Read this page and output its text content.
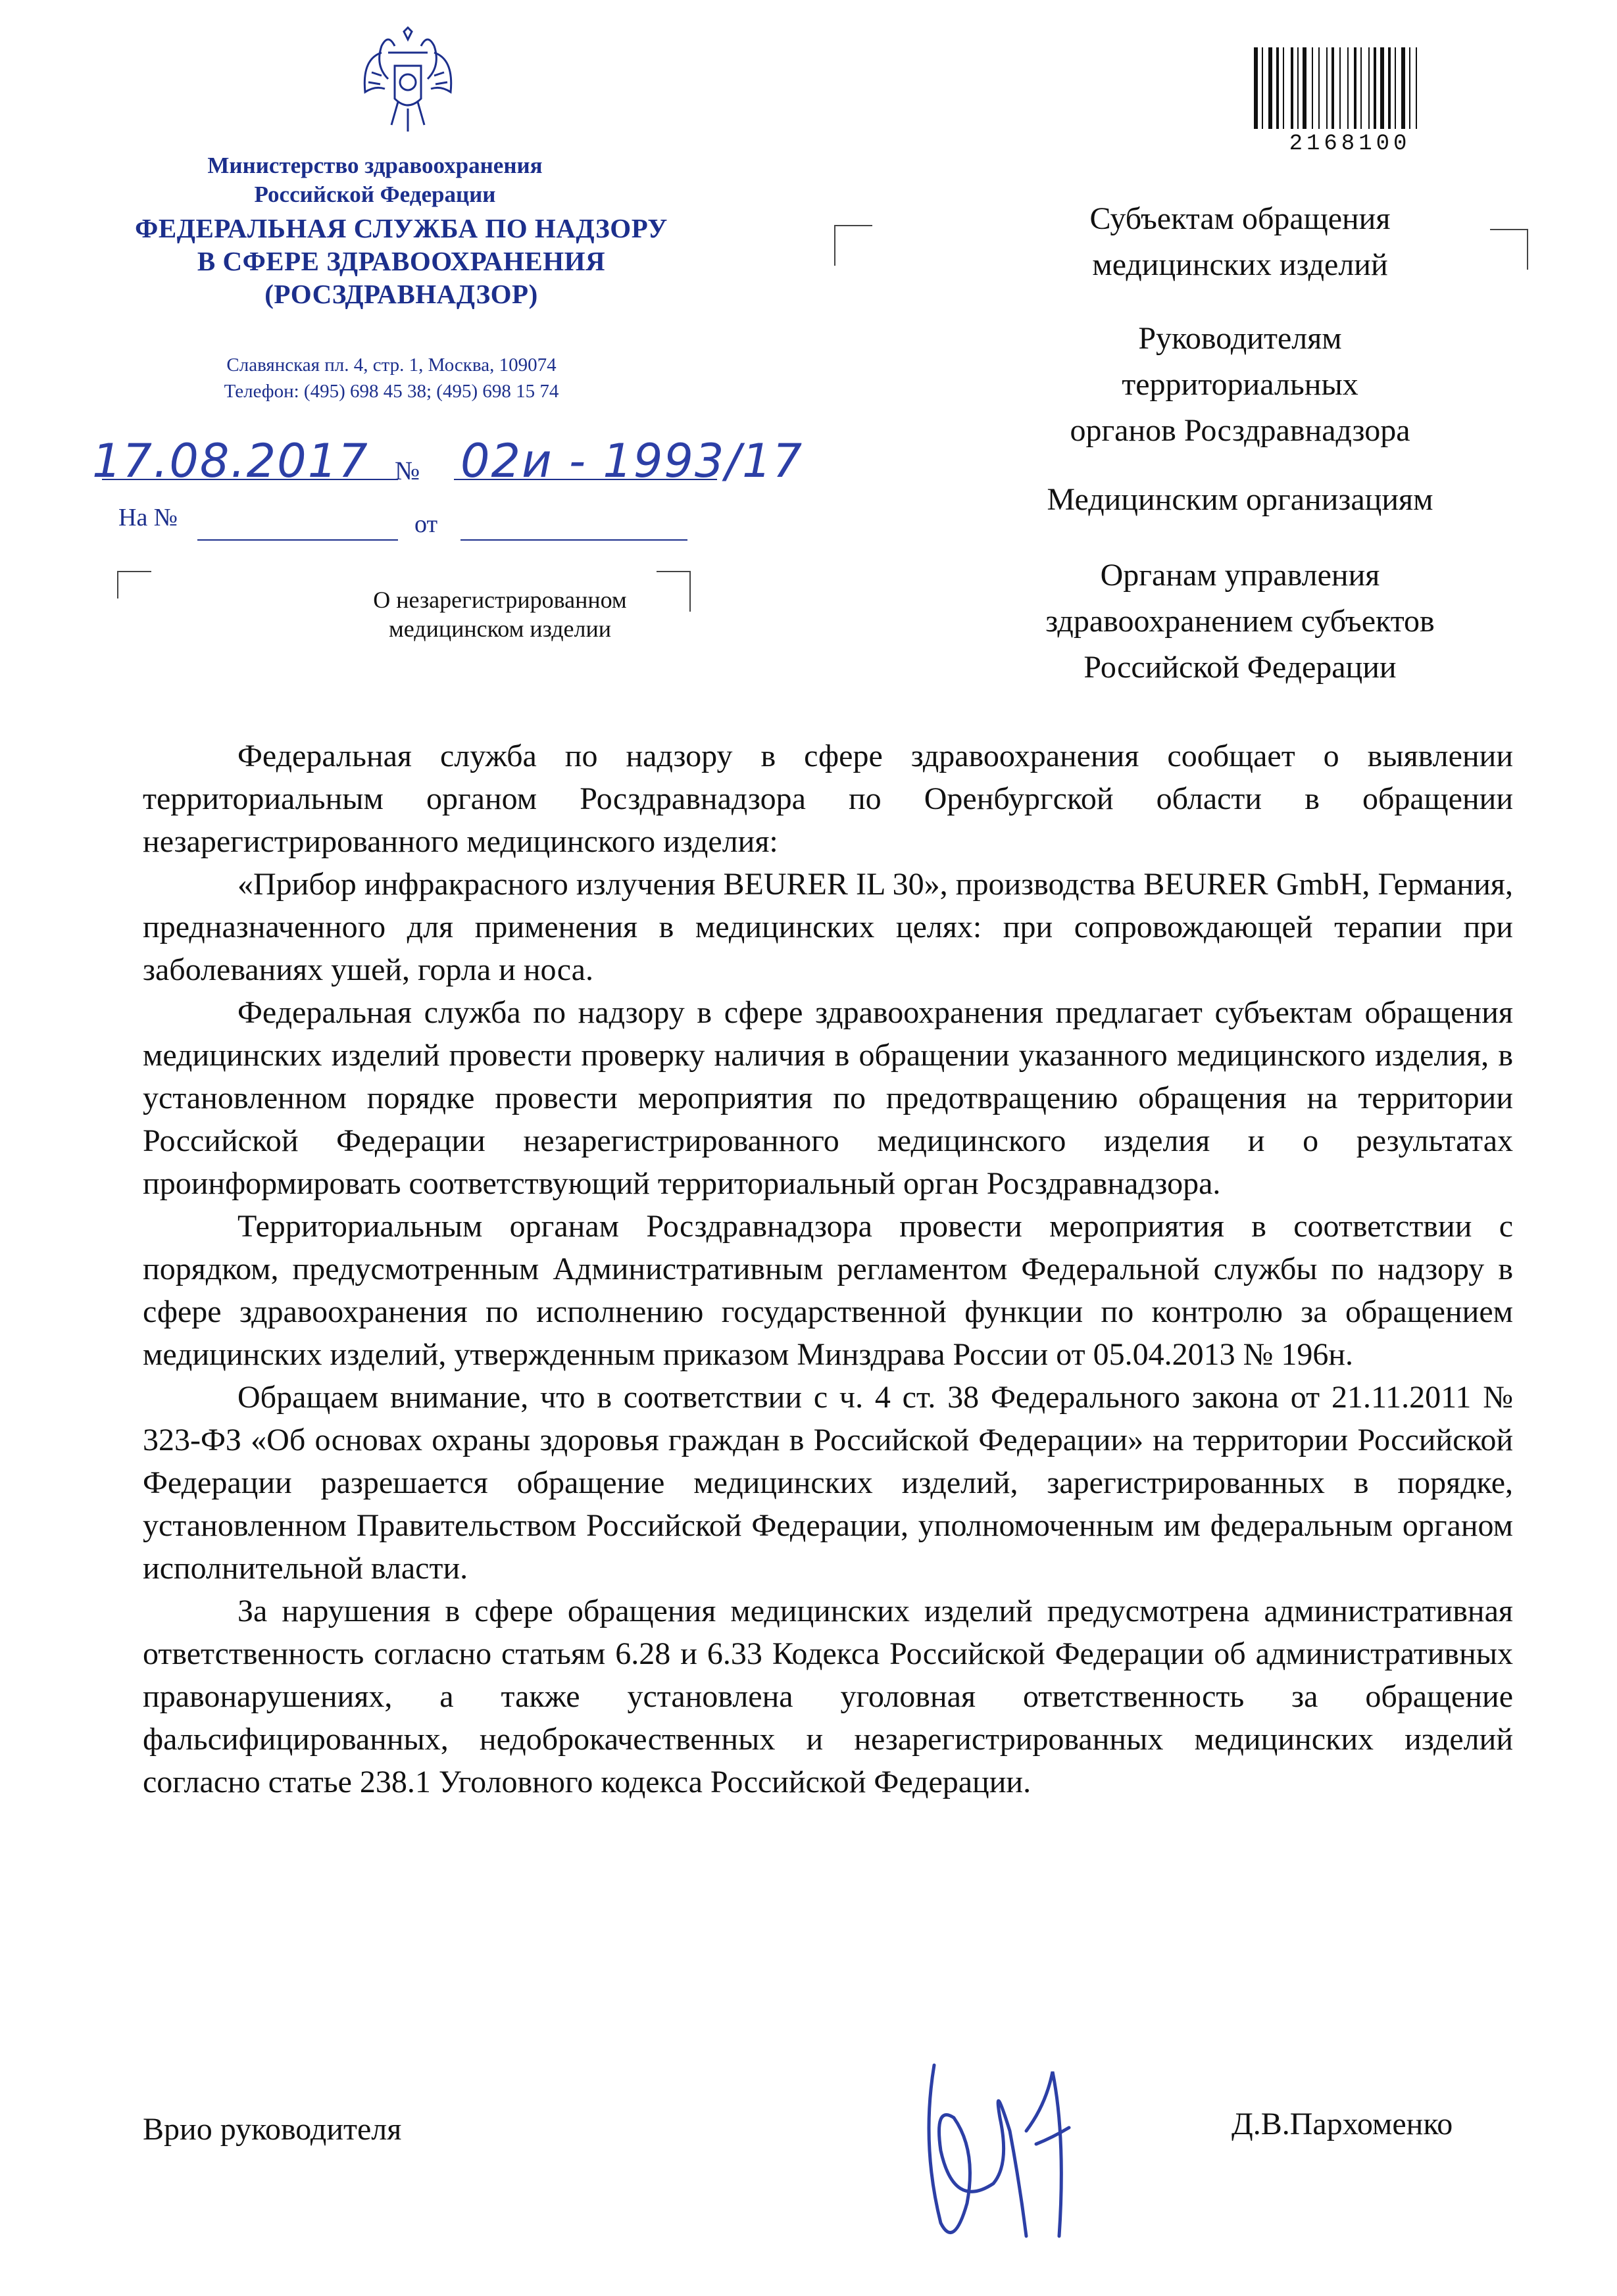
Министерство здравоохранения
Российской Федерации
ФЕДЕРАЛЬНАЯ СЛУЖБА ПО НАДЗОРУ
В СФЕРЕ ЗДРАВООХРАНЕНИЯ
(РОСЗДРАВНАДЗОР)
Славянская пл. 4, стр. 1, Москва, 109074
Телефон: (495) 698 45 38; (495) 698 15 74
17.08.2017 № 02и - 1993/17
На №	от
О незарегистрированном
медицинском изделии
2168100
Субъектам обращения
медицинских изделий
Руководителям
территориальных
органов Росздравнадзора
Медицинским организациям
Органам управления
здравоохранением субъектов
Российской Федерации

Федеральная служба по надзору в сфере здравоохранения сообщает о выявлении территориальным органом Росздравнадзора по Оренбургской области в обращении незарегистрированного медицинского изделия:

«Прибор инфракрасного излучения BEURER IL 30», производства BEURER GmbH, Германия, предназначенного для применения в медицинских целях: при сопровождающей терапии при заболеваниях ушей, горла и носа.

Федеральная служба по надзору в сфере здравоохранения предлагает субъектам обращения медицинских изделий провести проверку наличия в обращении указанного медицинского изделия, в установленном порядке провести мероприятия по предотвращению обращения на территории Российской Федерации незарегистрированного медицинского изделия и о результатах проинформировать соответствующий территориальный орган Росздравнадзора.

Территориальным органам Росздравнадзора провести мероприятия в соответствии с порядком, предусмотренным Административным регламентом Федеральной службы по надзору в сфере здравоохранения по исполнению государственной функции по контролю за обращением медицинских изделий, утвержденным приказом Минздрава России от 05.04.2013 № 196н.

Обращаем внимание, что в соответствии с ч. 4 ст. 38 Федерального закона от 21.11.2011 № 323-ФЗ «Об основах охраны здоровья граждан в Российской Федерации» на территории Российской Федерации разрешается обращение медицинских изделий, зарегистрированных в порядке, установленном Правительством Российской Федерации, уполномоченным им федеральным органом исполнительной власти.

За нарушения в сфере обращения медицинских изделий предусмотрена административная ответственность согласно статьям 6.28 и 6.33 Кодекса Российской Федерации об административных правонарушениях, а также установлена уголовная ответственность за обращение фальсифицированных, недоброкачественных и незарегистрированных медицинских изделий согласно статье 238.1 Уголовного кодекса Российской Федерации.

Врио руководителя	Д.В.Пархоменко
